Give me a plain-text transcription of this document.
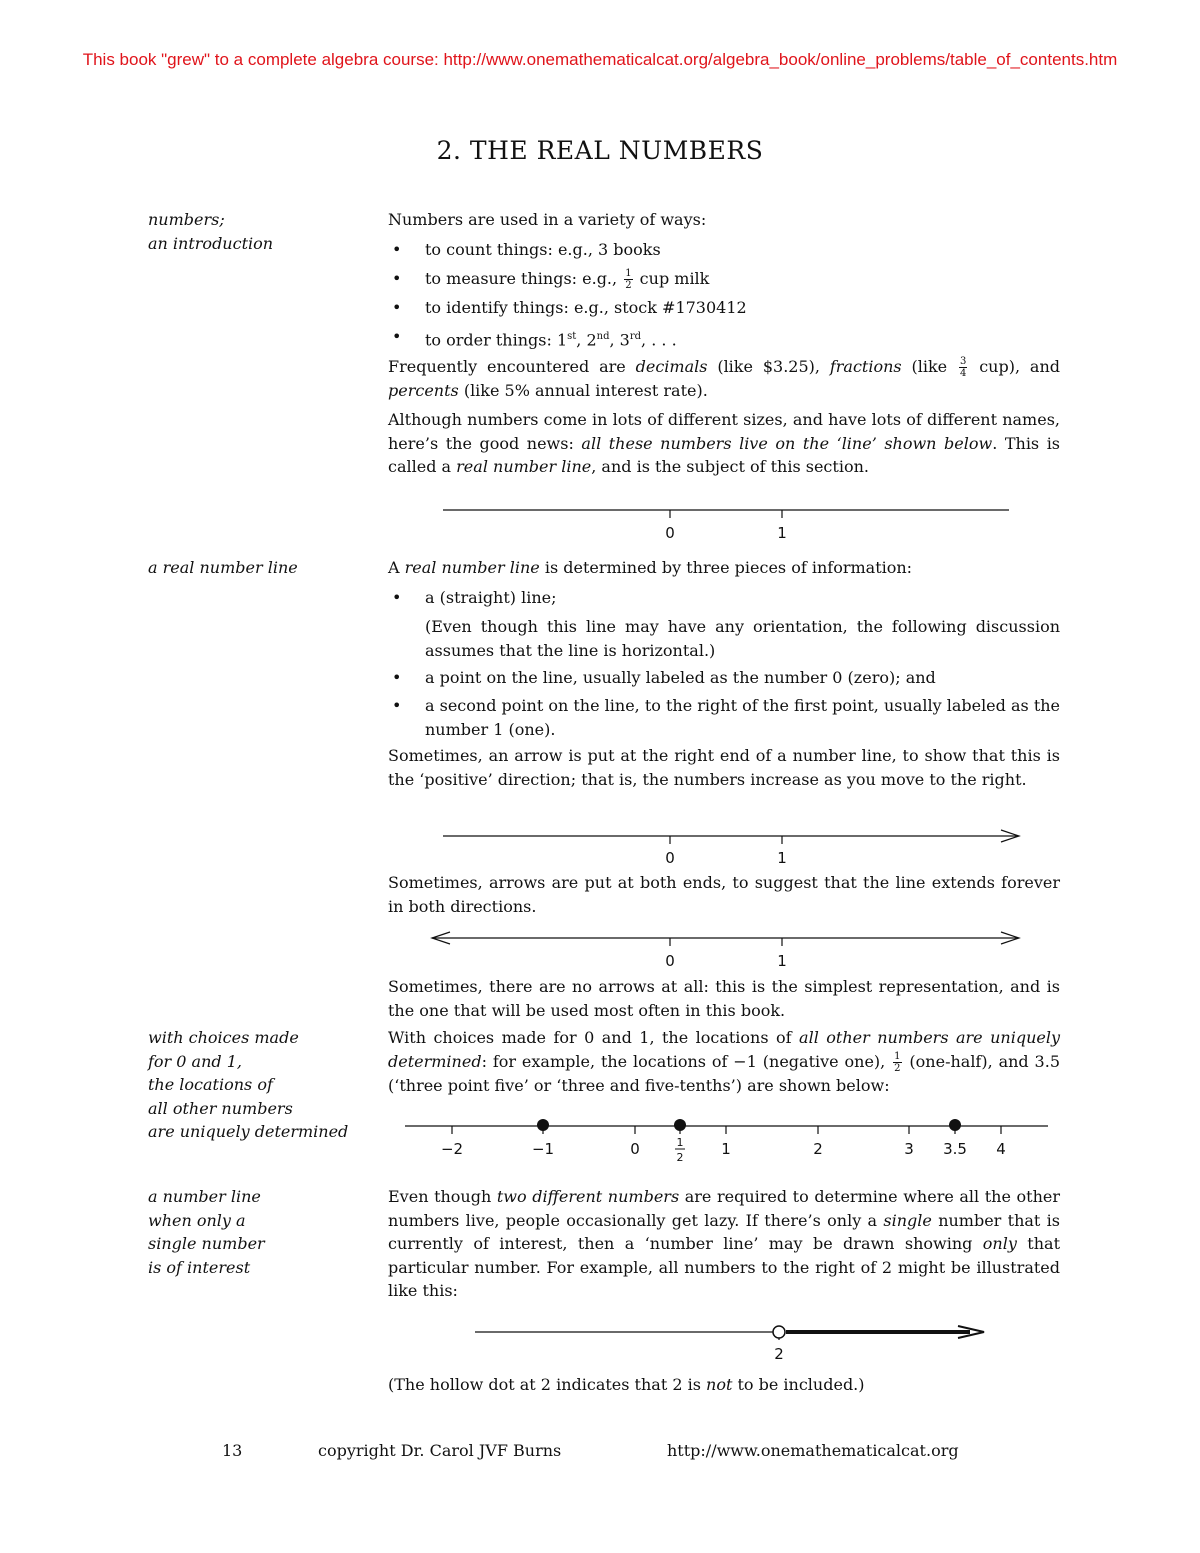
This book "grew" to a complete algebra course: http://www.onemathematicalcat.org/algebra_book/online_problems/table_of_contents.htm
2. THE REAL NUMBERS
numbers;
an introduction
a real number line
with choices made
for 0 and 1,
the locations of
all other numbers
are uniquely determined
a number line
when only a
single number
is of interest
Numbers are used in a variety of ways:
• to count things: e.g., 3 books
• to measure things: e.g., $\frac{1}{2}$ cup milk
• to identify things: e.g., stock #1730412
• to order things: 1st, 2nd, 3rd, . . .
Frequently encountered are decimals (like $3.25), fractions (like $\frac{3}{4} cup$), and percents (like 5% annual interest rate).
Although numbers come in lots of different sizes, and have lots of different names, here’s the good news: all these numbers live on the ‘line’ shown below. This is called a real number line, and is the subject of this section.
A real number line is determined by three pieces of information:
• a (straight) line;
(Even though this line may have any orientation, the following discussion assumes that the line is horizontal.)
• a point on the line, usually labeled as the number 0 (zero); and
• a second point on the line, to the right of the first point, usually labeled as the number 1 (one).
Sometimes, an arrow is put at the right end of a number line, to show that this is the ‘positive’ direction; that is, the numbers increase as you move to the right.
Sometimes, arrows are put at both ends, to suggest that the line extends forever in both directions.
Sometimes, there are no arrows at all: this is the simplest representation, and is the one that will be used most often in this book.
With choices made for 0 and 1, the locations of all other numbers are uniquely determined: for example, the locations of −1 (negative one), $\frac{1}{2}$ (one-half), and 3.5 (‘three point five’ or ‘three and five-tenths’) are shown below:
Even though two different numbers are required to determine where all the other numbers live, people occasionally get lazy. If there’s only a single number that is currently of interest, then a ‘number line’ may be drawn showing only that particular number. For example, all numbers to the right of 2 might be illustrated like this:
(The hollow dot at 2 indicates that 2 is not to be included.)
0	1
0	1
0	1
−2	−1	0	1
2	1	2	3 3.5 4
2
13	copyright Dr. Carol JVF Burns	http://www.onemathematicalcat.org
